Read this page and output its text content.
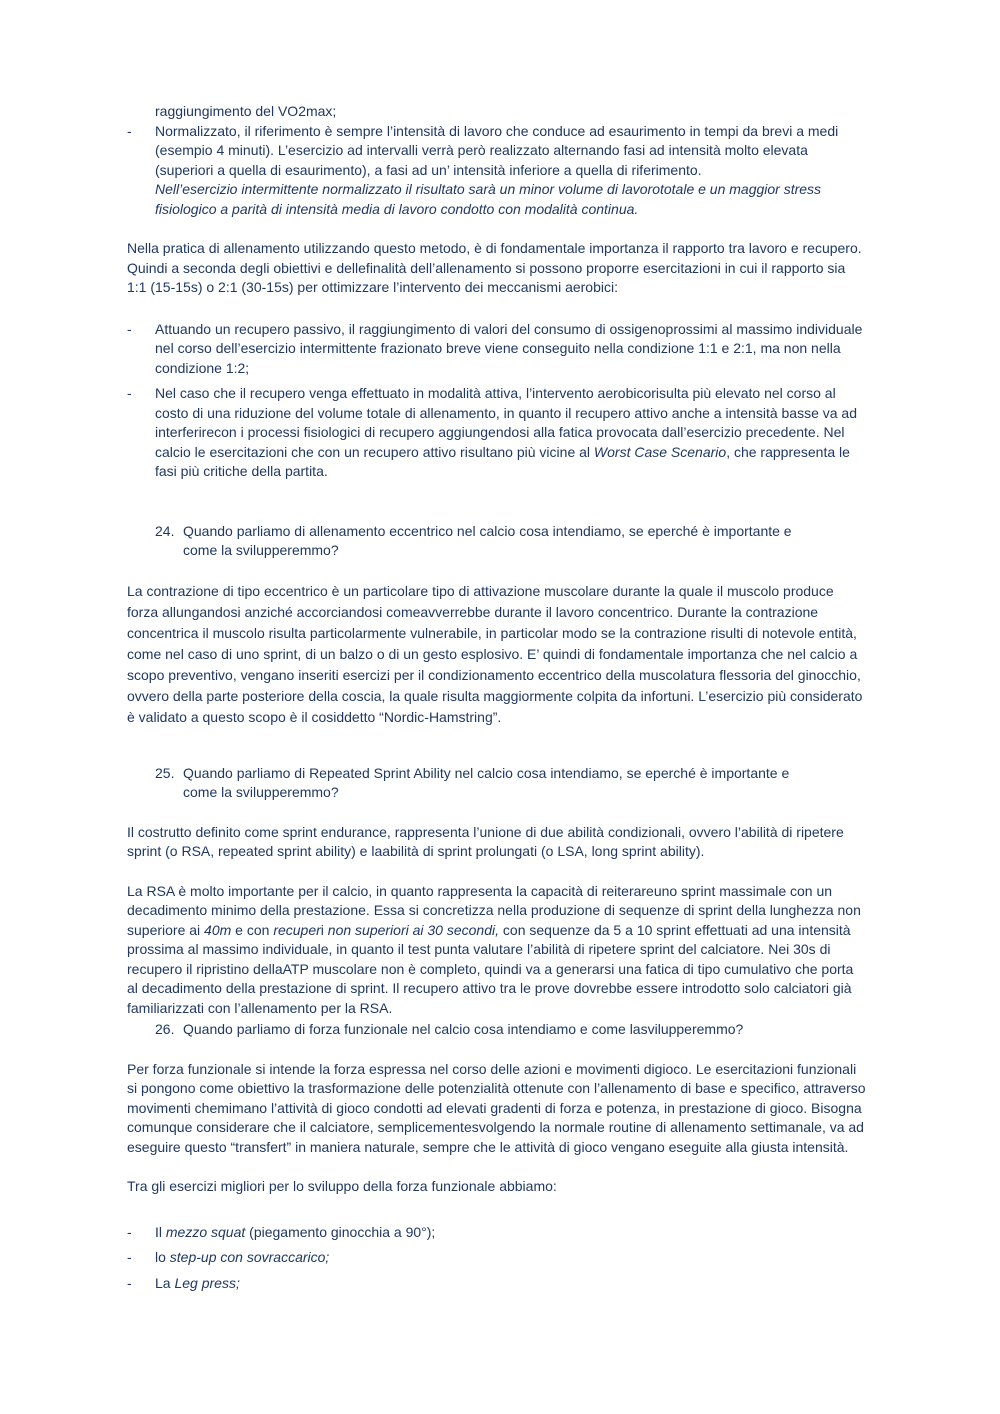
raggiungimento del VO2max;

- Normalizzato, il riferimento è sempre l’intensità di lavoro che conduce ad esaurimento in tempi da brevi a medi (esempio 4 minuti). L’esercizio ad intervalli verrà però realizzato alternando fasi ad intensità molto elevata (superiori a quella di esaurimento), a fasi ad un’ intensità inferiore a quella di riferimento.
Nell’esercizio intermittente normalizzato il risultato sarà un minor volume di lavorototale e un maggior stress fisiologico a parità di intensità media di lavoro condotto con modalità continua.

Nella pratica di allenamento utilizzando questo metodo, è di fondamentale importanza il rapporto tra lavoro e recupero. Quindi a seconda degli obiettivi e dellefinalità dell’allenamento si possono proporre esercitazioni in cui il rapporto sia 1:1 (15-15s) o 2:1 (30-15s) per ottimizzare l’intervento dei meccanismi aerobici:

- Attuando un recupero passivo, il raggiungimento di valori del consumo di ossigenoprossimi al massimo individuale nel corso dell’esercizio intermittente frazionato breve viene conseguito nella condizione 1:1 e 2:1, ma non nella condizione 1:2;
- Nel caso che il recupero venga effettuato in modalità attiva, l’intervento aerobicorisulta più elevato nel corso al costo di una riduzione del volume totale di allenamento, in quanto il recupero attivo anche a intensità basse va ad interferirecon i processi fisiologici di recupero aggiungendosi alla fatica provocata dall’esercizio precedente. Nel calcio le esercitazioni che con un recupero attivo risultano più vicine al Worst Case Scenario, che rappresenta le fasi più critiche della partita.
24. Quando parliamo di allenamento eccentrico nel calcio cosa intendiamo, se eperché è importante e
come la svilupperemmo?

La contrazione di tipo eccentrico è un particolare tipo di attivazione muscolare durante la quale il muscolo produce forza allungandosi anziché accorciandosi comeavverrebbe durante il lavoro concentrico. Durante la contrazione concentrica il muscolo risulta particolarmente vulnerabile, in particolar modo se la contrazione risulti di notevole entità, come nel caso di uno sprint, di un balzo o di un gesto esplosivo. E’ quindi di fondamentale importanza che nel calcio a scopo preventivo, vengano inseriti esercizi per il condizionamento eccentrico della muscolatura flessoria del ginocchio, ovvero della parte posteriore della coscia, la quale risulta maggiormente colpita da infortuni. L’esercizio più considerato è validato a questo scopo è il cosiddetto “Nordic-Hamstring”.

25. Quando parliamo di Repeated Sprint Ability nel calcio cosa intendiamo, se eperché è importante e
come la svilupperemmo?

Il costrutto definito come sprint endurance, rappresenta l’unione di due abilità condizionali, ovvero l’abilità di ripetere sprint (o RSA, repeated sprint ability) e laabilità di sprint prolungati (o LSA, long sprint ability).

La RSA è molto importante per il calcio, in quanto rappresenta la capacità di reiterareuno sprint massimale con un decadimento minimo della prestazione. Essa si concretizza nella produzione di sequenze di sprint della lunghezza non superiore ai 40m e con recuperi non superiori ai 30 secondi, con sequenze da 5 a 10 sprint effettuati ad una intensità prossima al massimo individuale, in quanto il test punta valutare l’abilità di ripetere sprint del calciatore. Nei 30s di recupero il ripristino dellaATP muscolare non è completo, quindi va a generarsi una fatica di tipo cumulativo che porta al decadimento della prestazione di sprint. Il recupero attivo tra le prove dovrebbe essere introdotto solo calciatori già familiarizzati con l’allenamento per la RSA.

26. Quando parliamo di forza funzionale nel calcio cosa intendiamo e come lasvilupperemmo?

Per forza funzionale si intende la forza espressa nel corso delle azioni e movimenti digioco. Le esercitazioni funzionali si pongono come obiettivo la trasformazione delle potenzialità ottenute con l’allenamento di base e specifico, attraverso movimenti chemimano l’attività di gioco condotti ad elevati gradenti di forza e potenza, in prestazione di gioco. Bisogna comunque considerare che il calciatore, semplicementesvolgendo la normale routine di allenamento settimanale, va ad eseguire questo “transfert” in maniera naturale, sempre che le attività di gioco vengano eseguite alla giusta intensità.

Tra gli esercizi migliori per lo sviluppo della forza funzionale abbiamo:

- Il mezzo squat (piegamento ginocchia a 90°);
- lo step-up con sovraccarico;
- La Leg press;
